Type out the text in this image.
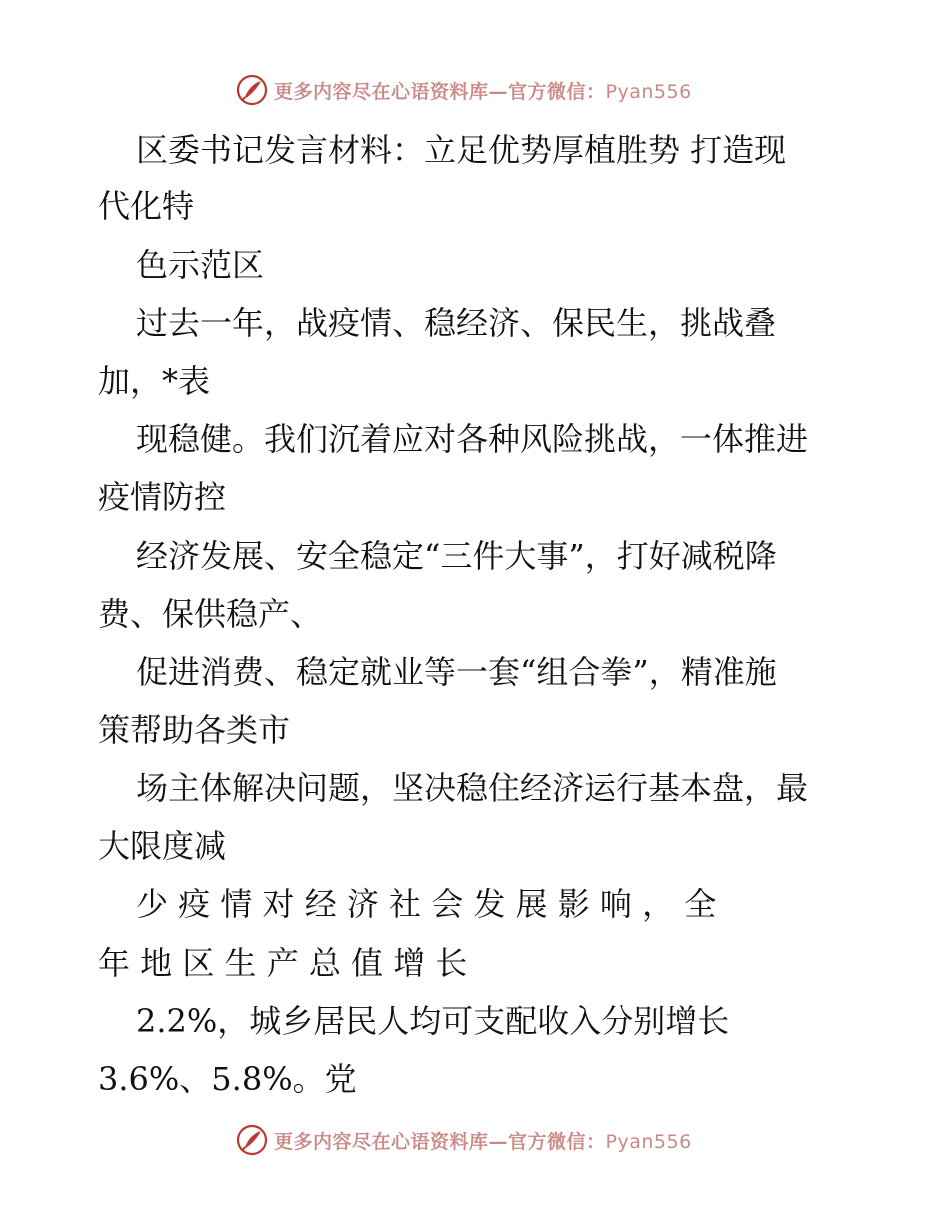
更多内容尽在心语资料库—官方微信：Pyan556
区委书记发言材料：立足优势厚植胜势 打造现
代化特
色示范区
过去一年，战疫情、稳经济、保民生，挑战叠
加，*表
现稳健。我们沉着应对各种风险挑战，一体推进
疫情防控
经济发展、安全稳定“三件大事”，打好减税降
费、保供稳产、
促进消费、稳定就业等一套“组合拳”，精准施
策帮助各类市
场主体解决问题，坚决稳住经济运行基本盘，最
大限度减
少 疫 情 对 经 济 社 会 发 展 影 响 ， 全
年 地 区 生 产 总 值 增 长
2.2%，城乡居民人均可支配收入分别增长
3.6%、5.8%。党
更多内容尽在心语资料库—官方微信：Pyan556
